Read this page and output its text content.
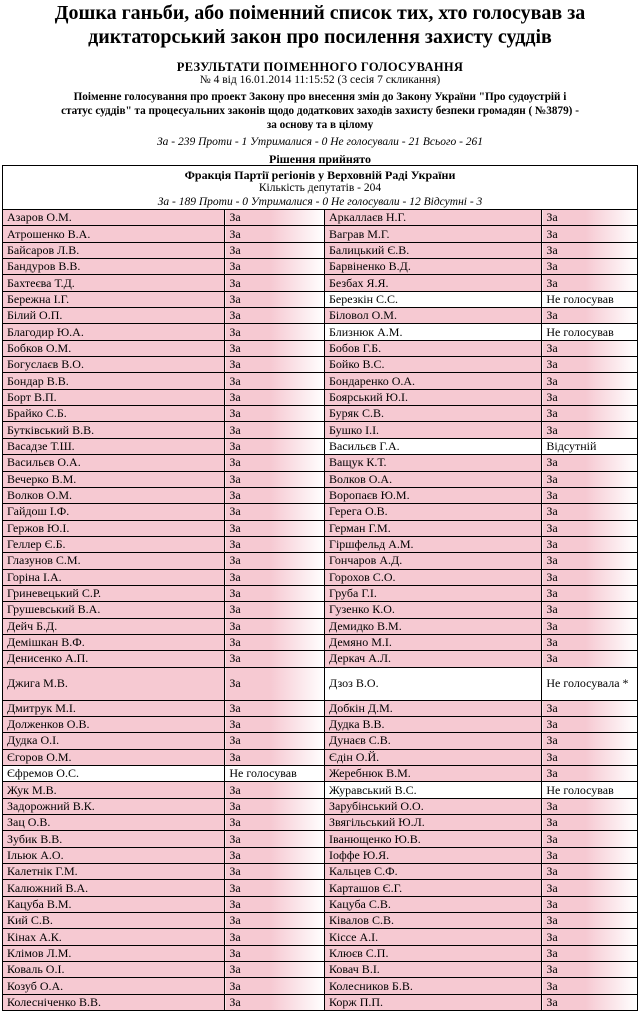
Дошка ганьби, або поіменний список тих, хто голосував за
диктаторський закон про посилення захисту суддів
РЕЗУЛЬТАТИ ПОІМЕННОГО ГОЛОСУВАННЯ
№ 4 від 16.01.2014 11:15:52 (3 сесія 7 скликання)
Поіменне голосування про проект Закону про внесення змін до Закону України "Про судоустрій і
статус суддів" та процесуальних законів щодо додаткових заходів захисту безпеки громадян ( №3879) -
за основу та в цілому
За - 239 Проти - 1 Утрималися - 0 Не голосували - 21 Всього - 261
Рішення прийнято
Фракція Партії регіонів у Верховній Раді України
Кількість депутатів - 204
За - 189 Проти - 0 Утрималися - 0 Не голосували - 12 Відсутні - 3
Азаров О.М.	За	Аркаллаєв Н.Г.	За
Атрошенко В.А.	За	Ваграв М.Г.	За
Байсаров Л.В.	За	Балицький Є.В.	За
Бандуров В.В.	За	Барвіненко В.Д.	За
Бахтеєва Т.Д.	За	Безбах Я.Я.	За
Бережна І.Г.	За	Березкін С.С.	Не голосував
Білий О.П.	За	Біловол О.М.	За
Благодир Ю.А.	За	Близнюк А.М.	Не голосував
Бобков О.М.	За	Бобов Г.Б.	За
Богуслаєв В.О.	За	Бойко В.С.	За
Бондар В.В.	За	Бондаренко О.А.	За
Борт В.П.	За	Боярський Ю.І.	За
Брайко С.Б.	За	Буряк С.В.	За
Бутківський В.В.	За	Бушко І.І.	За
Васадзе Т.Ш.	За	Васильєв Г.А.	Відсутній
Васильєв О.А.	За	Ващук К.Т.	За
Вечерко В.М.	За	Волков О.А.	За
Волков О.М.	За	Воропаєв Ю.М.	За
Гайдош І.Ф.	За	Герега О.В.	За
Гержов Ю.І.	За	Герман Г.М.	За
Геллер Є.Б.	За	Гіршфельд А.М.	За
Глазунов С.М.	За	Гончаров А.Д.	За
Горіна І.А.	За	Горохов С.О.	За
Гриневецький С.Р.	За	Груба Г.І.	За
Грушевський В.А.	За	Гузенко К.О.	За
Дейч Б.Д.	За	Демидко В.М.	За
Демішкан В.Ф.	За	Демяно М.І.	За
Денисенко А.П.	За	Деркач А.Л.	За
Джига М.В.	За	Дзоз В.О.	Не голосувала *
Дмитрук М.І.	За	Добкін Д.М.	За
Долженков О.В.	За	Дудка В.В.	За
Дудка О.І.	За	Дунаєв С.В.	За
Єгоров О.М.	За	Єдін О.Й.	За
Єфремов О.С.	Не голосував	Жеребнюк В.М.	За
Жук М.В.	За	Журавський В.С.	Не голосував
Задорожний В.К.	За	Зарубінський О.О.	За
Зац О.В.	За	Звягільський Ю.Л.	За
Зубик В.В.	За	Іванющенко Ю.В.	За
Ільюк А.О.	За	Іоффе Ю.Я.	За
Калетнік Г.М.	За	Кальцев С.Ф.	За
Калюжний В.А.	За	Карташов Є.Г.	За
Кацуба В.М.	За	Кацуба С.В.	За
Кий С.В.	За	Ківалов С.В.	За
Кінах А.К.	За	Кіссе А.І.	За
Клімов Л.М.	За	Клюєв С.П.	За
Коваль О.І.	За	Ковач В.І.	За
Козуб О.А.	За	Колесников Б.В.	За
Колесніченко В.В.	За	Корж П.П.	За
